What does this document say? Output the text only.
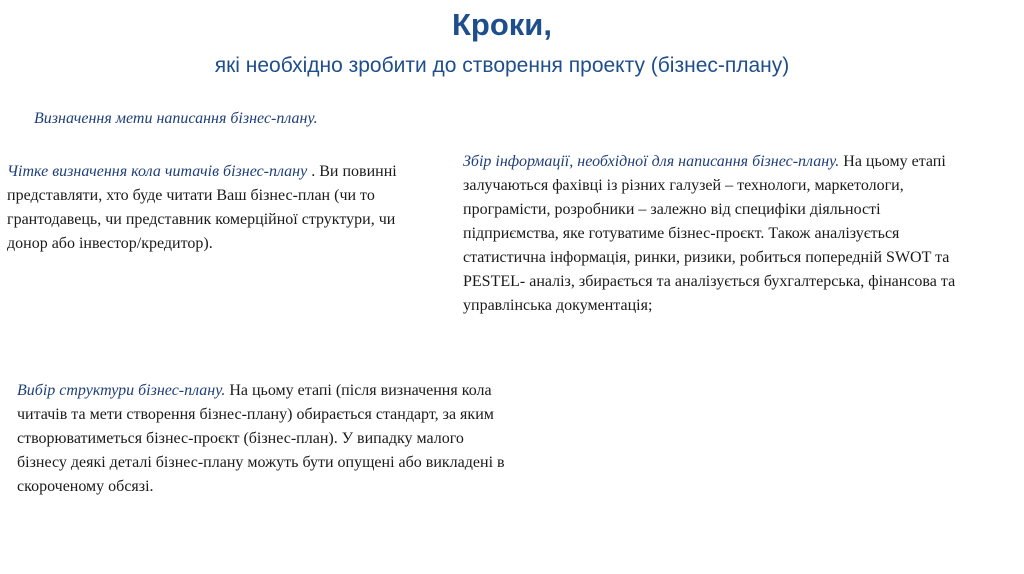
Кроки,
які необхідно зробити до створення проекту (бізнес-плану)
Визначення мети написання бізнес-плану.
Чітке визначення кола читачів бізнес-плану . Ви повинні представляти, хто буде читати Ваш бізнес-план (чи то грантодавець, чи представник комерційної структури, чи донор або інвестор/кредитор).
Збір інформації, необхідної для написання бізнес-плану. На цьому етапі залучаються фахівці із різних галузей – технологи, маркетологи, програмісти, розробники – залежно від специфіки діяльності підприємства, яке готуватиме бізнес-проєкт. Також аналізується статистична інформація, ринки, ризики, робиться попередній SWOT та PESTEL- аналіз, збирається та аналізується бухгалтерська, фінансова та управлінська документація;
Вибір структури бізнес-плану. На цьому етапі (після визначення кола читачів та мети створення бізнес-плану) обирається стандарт, за яким створюватиметься бізнес-проєкт (бізнес-план). У випадку малого бізнесу деякі деталі бізнес-плану можуть бути опущені або викладені в скороченому обсязі.
